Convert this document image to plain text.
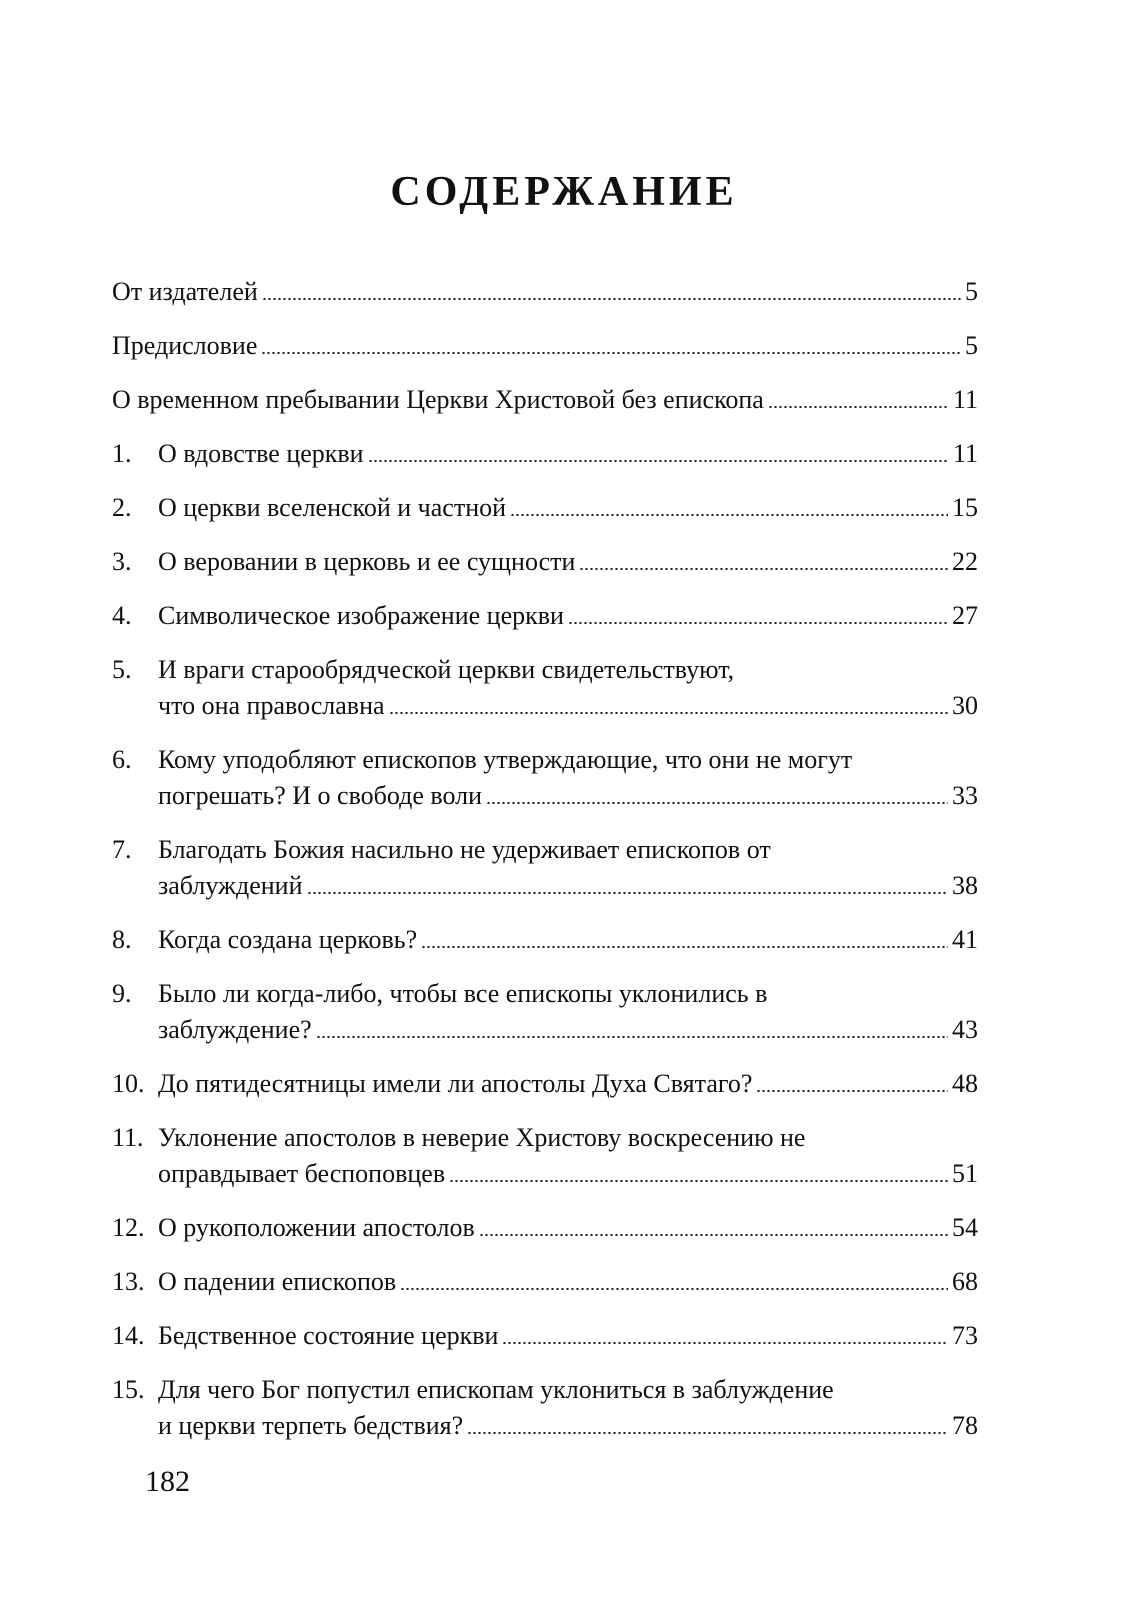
СОДЕРЖАНИЕ
От издателей	5
Предисловие	5
О временном пребывании Церкви Христовой без епископа	11
1. О вдовстве церкви	11
2. О церкви вселенской и частной	15
3. О веровании в церковь и ее сущности	22
4. Символическое изображение церкви	27
5. И враги старообрядческой церкви свидетельствуют,
что она православна	30
6. Кому уподобляют епископов утверждающие, что они не могут
погрешать? И о свободе воли	33
7. Благодать Божия насильно не удерживает епископов от
заблуждений	38
8. Когда создана церковь?	41
9. Было ли когда-либо, чтобы все епископы уклонились в
заблуждение?	43
10. До пятидесятницы имели ли апостолы Духа Святаго?	48
11. Уклонение апостолов в неверие Христову воскресению не
оправдывает беспоповцев	51
12. О рукоположении апостолов	54
13. О падении епископов	68
14. Бедственное состояние церкви	73
15. Для чего Бог попустил епископам уклониться в заблуждение
и церкви терпеть бедствия?	78
182
